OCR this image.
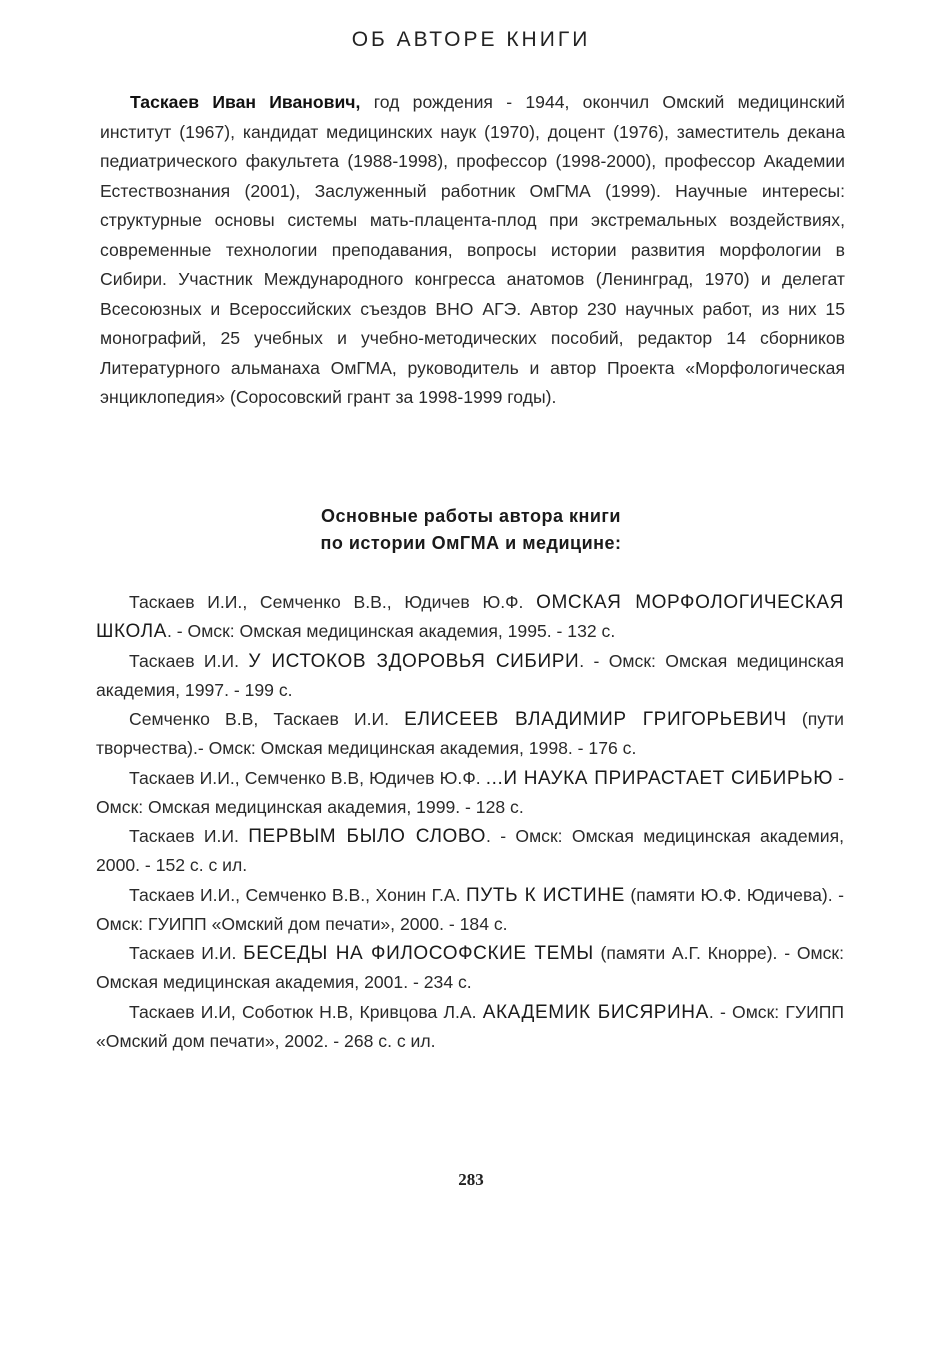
ОБ АВТОРЕ КНИГИ

Таскаев Иван Иванович, год рождения - 1944, окончил Омский медицинский институт (1967), кандидат медицинских наук (1970), доцент (1976), заместитель декана педиатрического факультета (1988-1998), профессор (1998-2000), профессор Академии Естествознания (2001), Заслуженный работник ОмГМА (1999). Научные интересы: структурные основы системы мать-плацента-плод при экстремальных воздействиях, современные технологии преподавания, вопросы истории развития морфологии в Сибири. Участник Международного конгресса анатомов (Ленинград, 1970) и делегат Всесоюзных и Всероссийских съездов ВНО АГЭ. Автор 230 научных работ, из них 15 монографий, 25 учебных и учебно-методических пособий, редактор 14 сборников Литературного альманаха ОмГМА, руководитель и автор Проекта «Морфологическая энциклопедия» (Соросовский грант за 1998-1999 годы).

Основные работы автора книги
по истории ОмГМА и медицине:

Таскаев И.И., Семченко В.В., Юдичев Ю.Ф. ОМСКАЯ МОРФОЛОГИЧЕСКАЯ ШКОЛА. - Омск: Омская медицинская академия, 1995. - 132 с.

Таскаев И.И. У ИСТОКОВ ЗДОРОВЬЯ СИБИРИ. - Омск: Омская медицинская академия, 1997. - 199 с.

Семченко В.В, Таскаев И.И. ЕЛИСЕЕВ ВЛАДИМИР ГРИГОРЬЕВИЧ (пути творчества).- Омск: Омская медицинская академия, 1998. - 176 с.

Таскаев И.И., Семченко В.В, Юдичев Ю.Ф. ...И НАУКА ПРИРАСТАЕТ СИБИРЬЮ - Омск: Омская медицинская академия, 1999. - 128 с.

Таскаев И.И. ПЕРВЫМ БЫЛО СЛОВО. - Омск: Омская медицинская академия, 2000. - 152 с. с ил.

Таскаев И.И., Семченко В.В., Хонин Г.А. ПУТЬ К ИСТИНЕ (памяти Ю.Ф. Юдичева). - Омск: ГУИПП «Омский дом печати», 2000. - 184 с.

Таскаев И.И. БЕСЕДЫ НА ФИЛОСОФСКИЕ ТЕМЫ (памяти А.Г. Кнорре). - Омск: Омская медицинская академия, 2001. - 234 с.

Таскаев И.И, Соботюк Н.В, Кривцова Л.А. АКАДЕМИК БИСЯРИНА. - Омск: ГУИПП «Омский дом печати», 2002. - 268 с. с ил.

283
